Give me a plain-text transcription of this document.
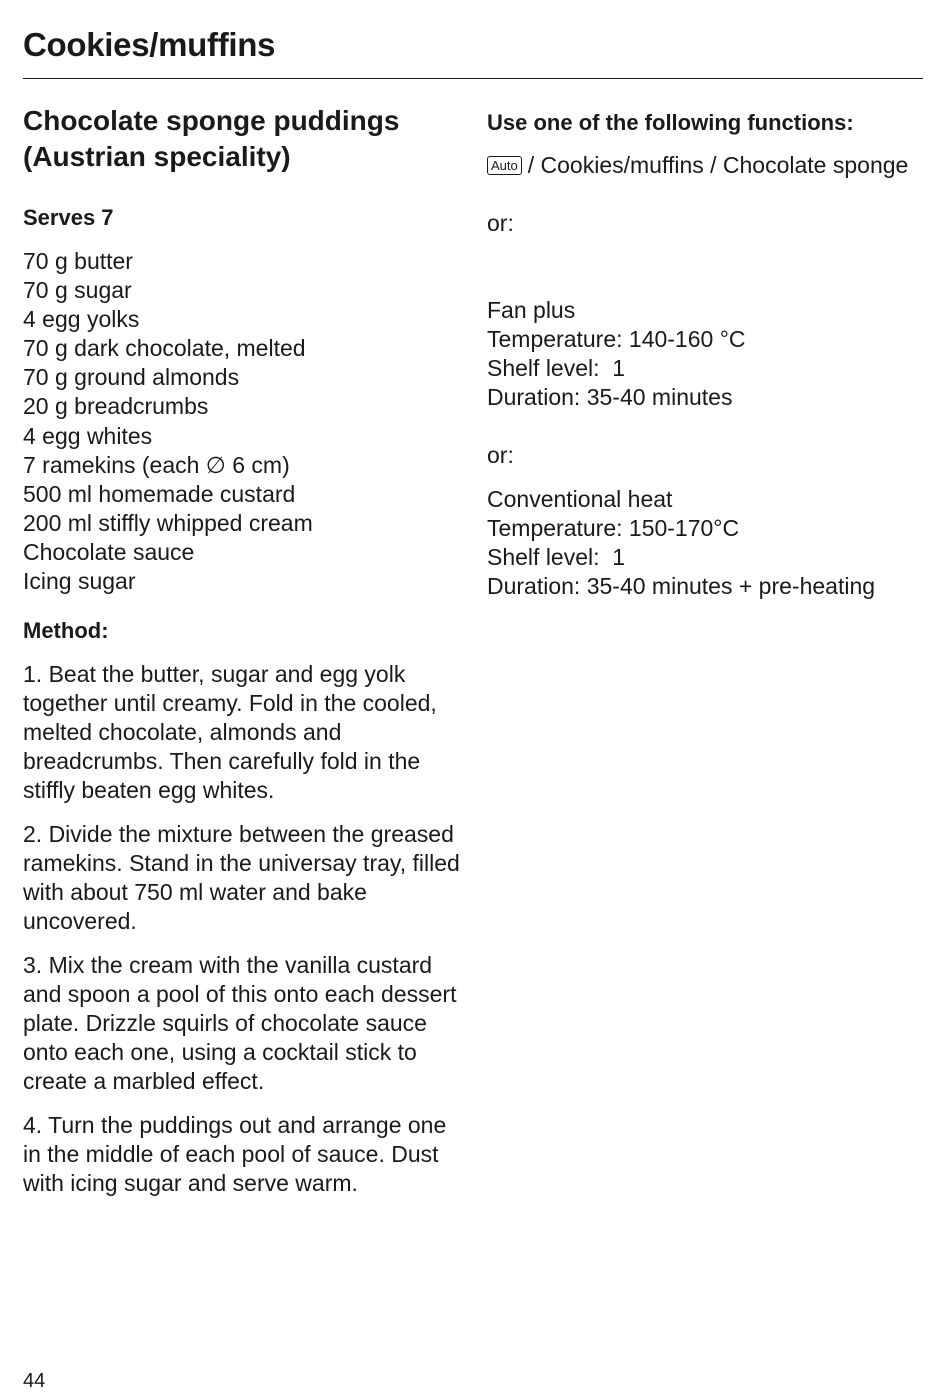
Cookies/muffins
Chocolate sponge puddings
(Austrian speciality)

Serves 7

70 g butter
70 g sugar
4 egg yolks
70 g dark chocolate, melted
70 g ground almonds
20 g breadcrumbs
4 egg whites
7 ramekins (each ∅ 6 cm)
500 ml homemade custard
200 ml stiffly whipped cream
Chocolate sauce
Icing sugar

Method:

1. Beat the butter, sugar and egg yolk together until creamy. Fold in the cooled, melted chocolate, almonds and breadcrumbs. Then carefully fold in the stiffly beaten egg whites.

2. Divide the mixture between the greased ramekins. Stand in the universay tray, filled with about 750 ml water and bake uncovered.

3. Mix the cream with the vanilla custard and spoon a pool of this onto each dessert plate. Drizzle squirls of chocolate sauce onto each one, using a cocktail stick to create a marbled effect.

4. Turn the puddings out and arrange one in the middle of each pool of sauce. Dust with icing sugar and serve warm.

Use one of the following functions:

Auto / Cookies/muffins / Chocolate sponge

or:

Fan plus
Temperature: 140-160 °C
Shelf level:  1
Duration: 35-40 minutes

or:

Conventional heat
Temperature: 150-170°C
Shelf level:  1
Duration: 35-40 minutes + pre-heating
44
